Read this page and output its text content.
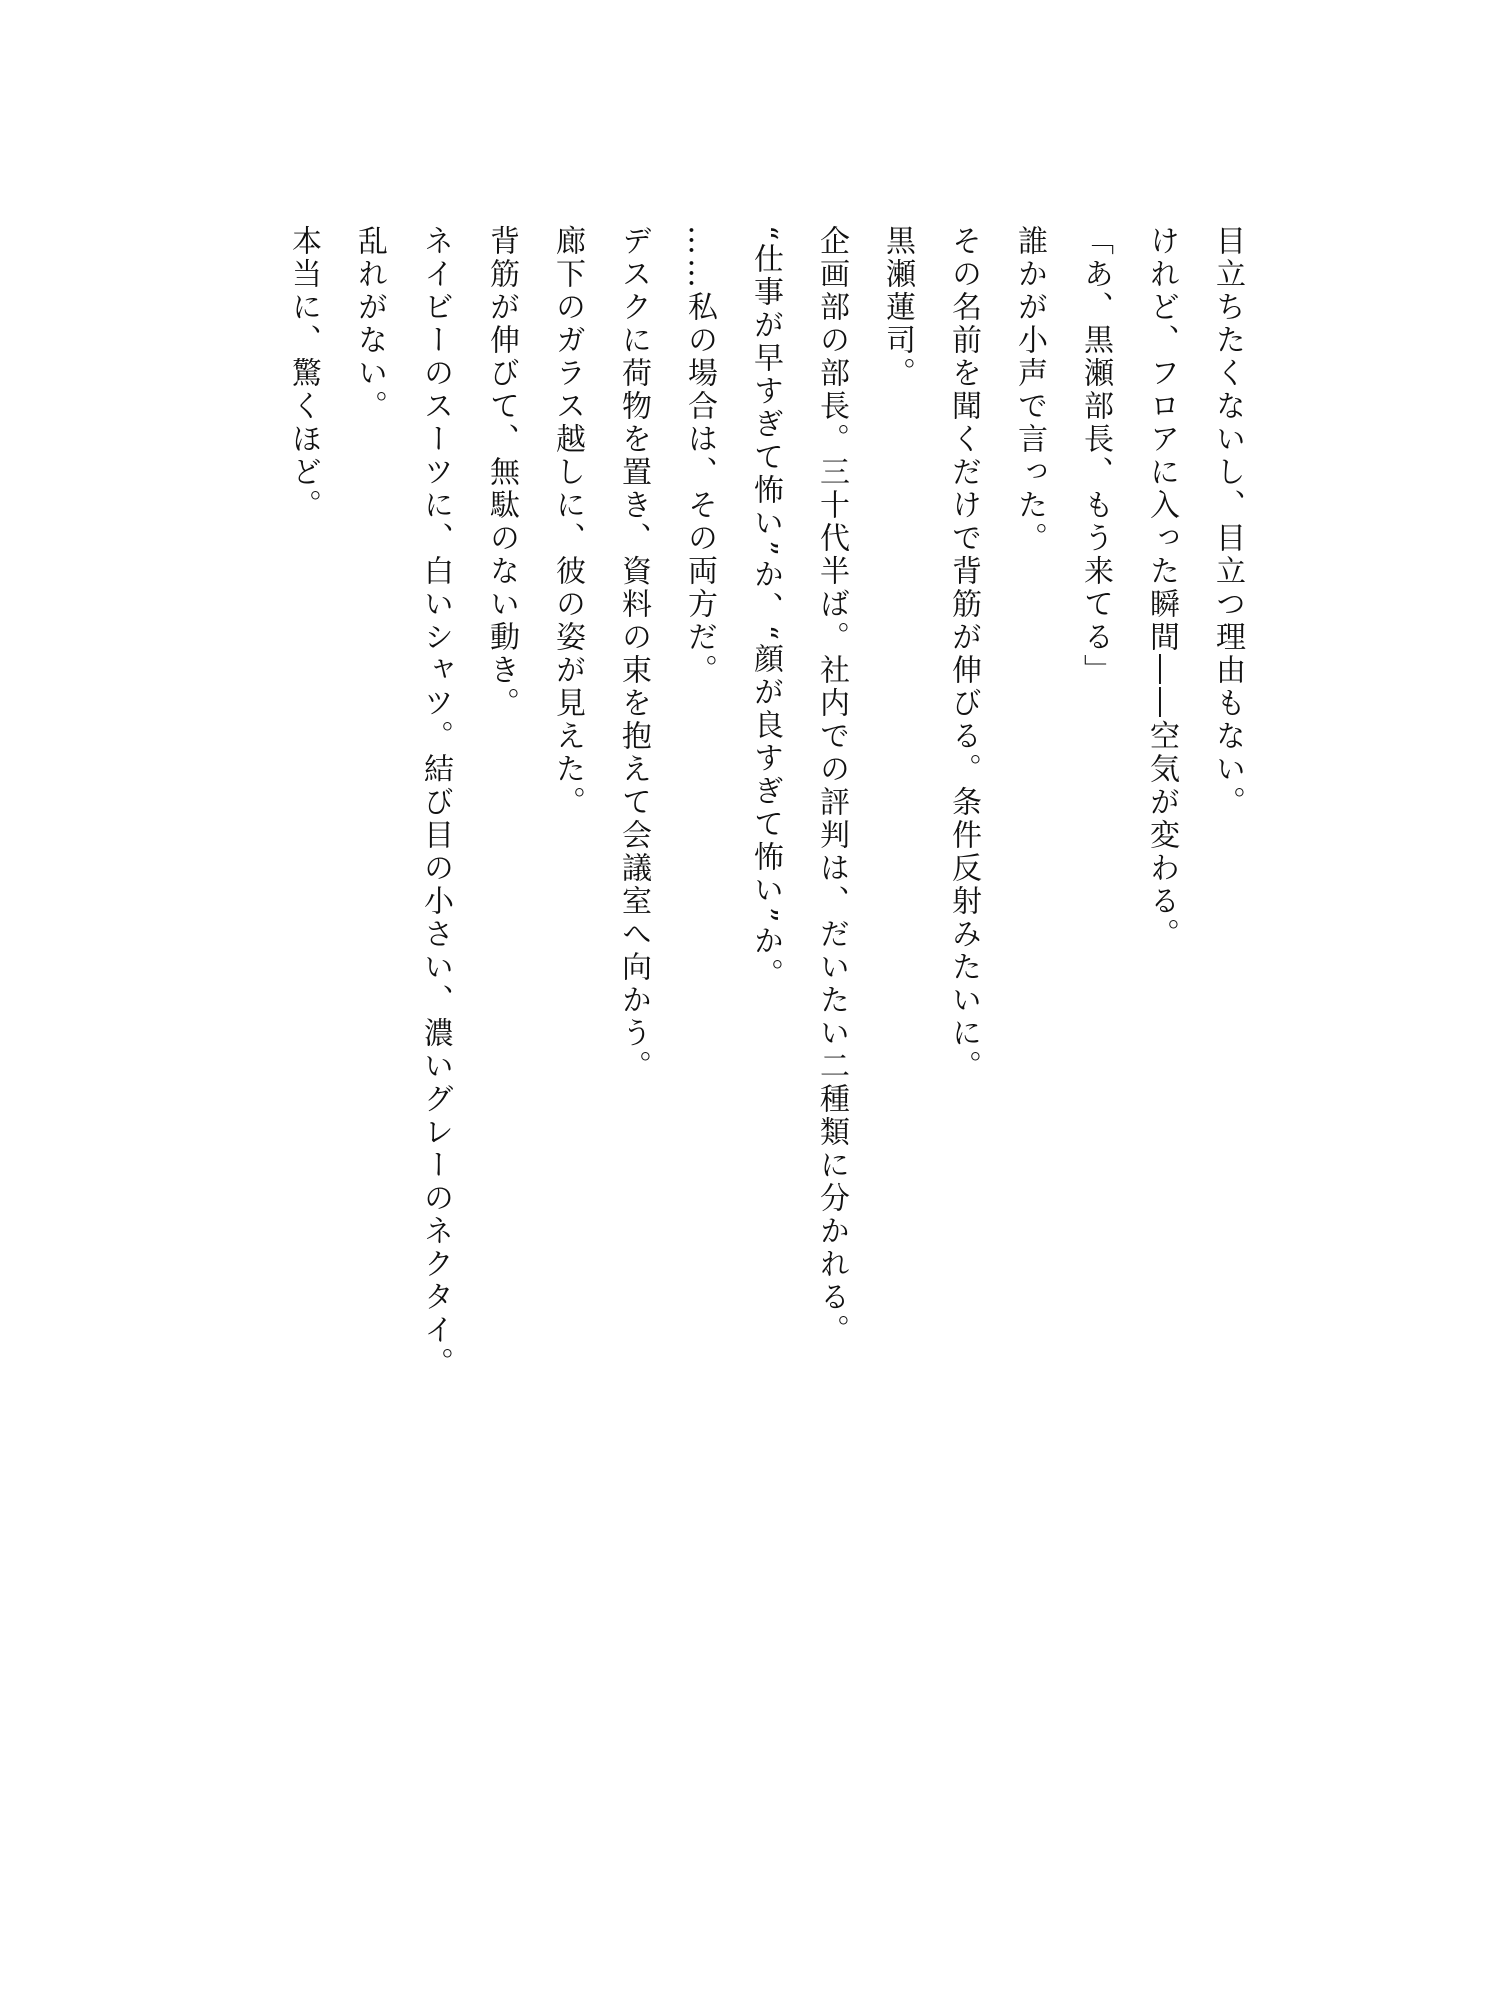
目立ちたくないし、目立つ理由もない。

けれど、フロアに入った瞬間――空気が変わる。

「あ、黒瀬部長、もう来てる」

誰かが小声で言った。

その名前を聞くだけで背筋が伸びる。条件反射みたいに。

黒瀬蓮司。

企画部の部長。三十代半ば。社内での評判は、だいたい二種類に分かれる。

“仕事が早すぎて怖い”か、“顔が良すぎて怖い”か。

……私の場合は、その両方だ。

デスクに荷物を置き、資料の束を抱えて会議室へ向かう。

廊下のガラス越しに、彼の姿が見えた。

背筋が伸びて、無駄のない動き。

ネイビーのスーツに、白いシャツ。結び目の小さい、濃いグレーのネクタイ。

乱れがない。

本当に、驚くほど。
